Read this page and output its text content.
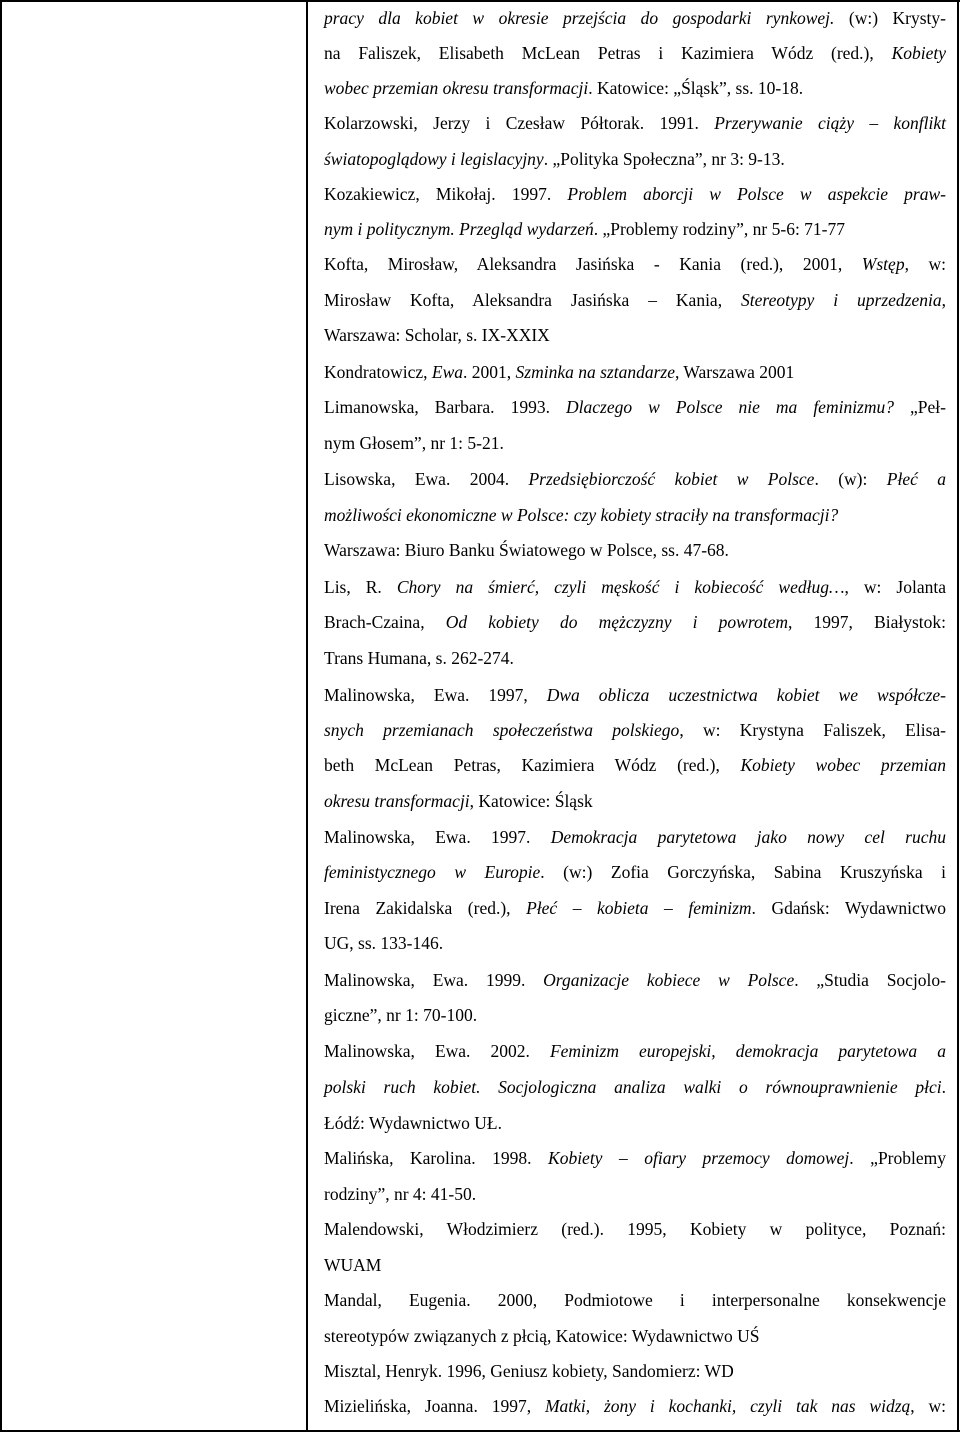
pracy dla kobiet w okresie przejścia do gospodarki rynkowej. (w:) Krysty-
na Faliszek, Elisabeth McLean Petras i Kazimiera Wódz (red.), Kobiety
wobec przemian okresu transformacji. Katowice: „Śląsk”, ss. 10-18.
Kolarzowski, Jerzy i Czesław Półtorak. 1991. Przerywanie ciąży – konflikt
światopoglądowy i legislacyjny. „Polityka Społeczna”, nr 3: 9-13.
Kozakiewicz, Mikołaj. 1997. Problem aborcji w Polsce w aspekcie praw-
nym i politycznym. Przegląd wydarzeń. „Problemy rodziny”, nr 5-6: 71-77
Kofta, Mirosław, Aleksandra Jasińska - Kania (red.), 2001, Wstęp, w:
Mirosław Kofta, Aleksandra Jasińska – Kania, Stereotypy i uprzedzenia,
Warszawa: Scholar, s. IX-XXIX
Kondratowicz, Ewa. 2001, Szminka na sztandarze, Warszawa 2001
Limanowska, Barbara. 1993. Dlaczego w Polsce nie ma feminizmu? „Peł-
nym Głosem”, nr 1: 5-21.
Lisowska, Ewa. 2004. Przedsiębiorczość kobiet w Polsce. (w): Płeć a
możliwości ekonomiczne w Polsce: czy kobiety straciły na transformacji?
Warszawa: Biuro Banku Światowego w Polsce, ss. 47-68.
Lis, R. Chory na śmierć, czyli męskość i kobiecość według…, w: Jolanta
Brach-Czaina, Od kobiety do mężczyzny i powrotem, 1997, Białystok:
Trans Humana, s. 262-274.
Malinowska, Ewa. 1997, Dwa oblicza uczestnictwa kobiet we współcze-
snych przemianach społeczeństwa polskiego, w: Krystyna Faliszek, Elisa-
beth McLean Petras, Kazimiera Wódz (red.), Kobiety wobec przemian
okresu transformacji, Katowice: Śląsk
Malinowska, Ewa. 1997. Demokracja parytetowa jako nowy cel ruchu
feministycznego w Europie. (w:) Zofia Gorczyńska, Sabina Kruszyńska i
Irena Zakidalska (red.), Płeć – kobieta – feminizm. Gdańsk: Wydawnictwo
UG, ss. 133-146.
Malinowska, Ewa. 1999. Organizacje kobiece w Polsce. „Studia Socjolo-
giczne”, nr 1: 70-100.
Malinowska, Ewa. 2002. Feminizm europejski, demokracja parytetowa a
polski ruch kobiet. Socjologiczna analiza walki o równouprawnienie płci.
Łódź: Wydawnictwo UŁ.
Malińska, Karolina. 1998. Kobiety – ofiary przemocy domowej. „Problemy
rodziny”, nr 4: 41-50.
Malendowski, Włodzimierz (red.). 1995, Kobiety w polityce, Poznań:
WUAM
Mandal, Eugenia. 2000, Podmiotowe i interpersonalne konsekwencje
stereotypów związanych z płcią, Katowice: Wydawnictwo UŚ
Misztal, Henryk. 1996, Geniusz kobiety, Sandomierz: WD
Mizielińska, Joanna. 1997, Matki, żony i kochanki, czyli tak nas widzą, w:
